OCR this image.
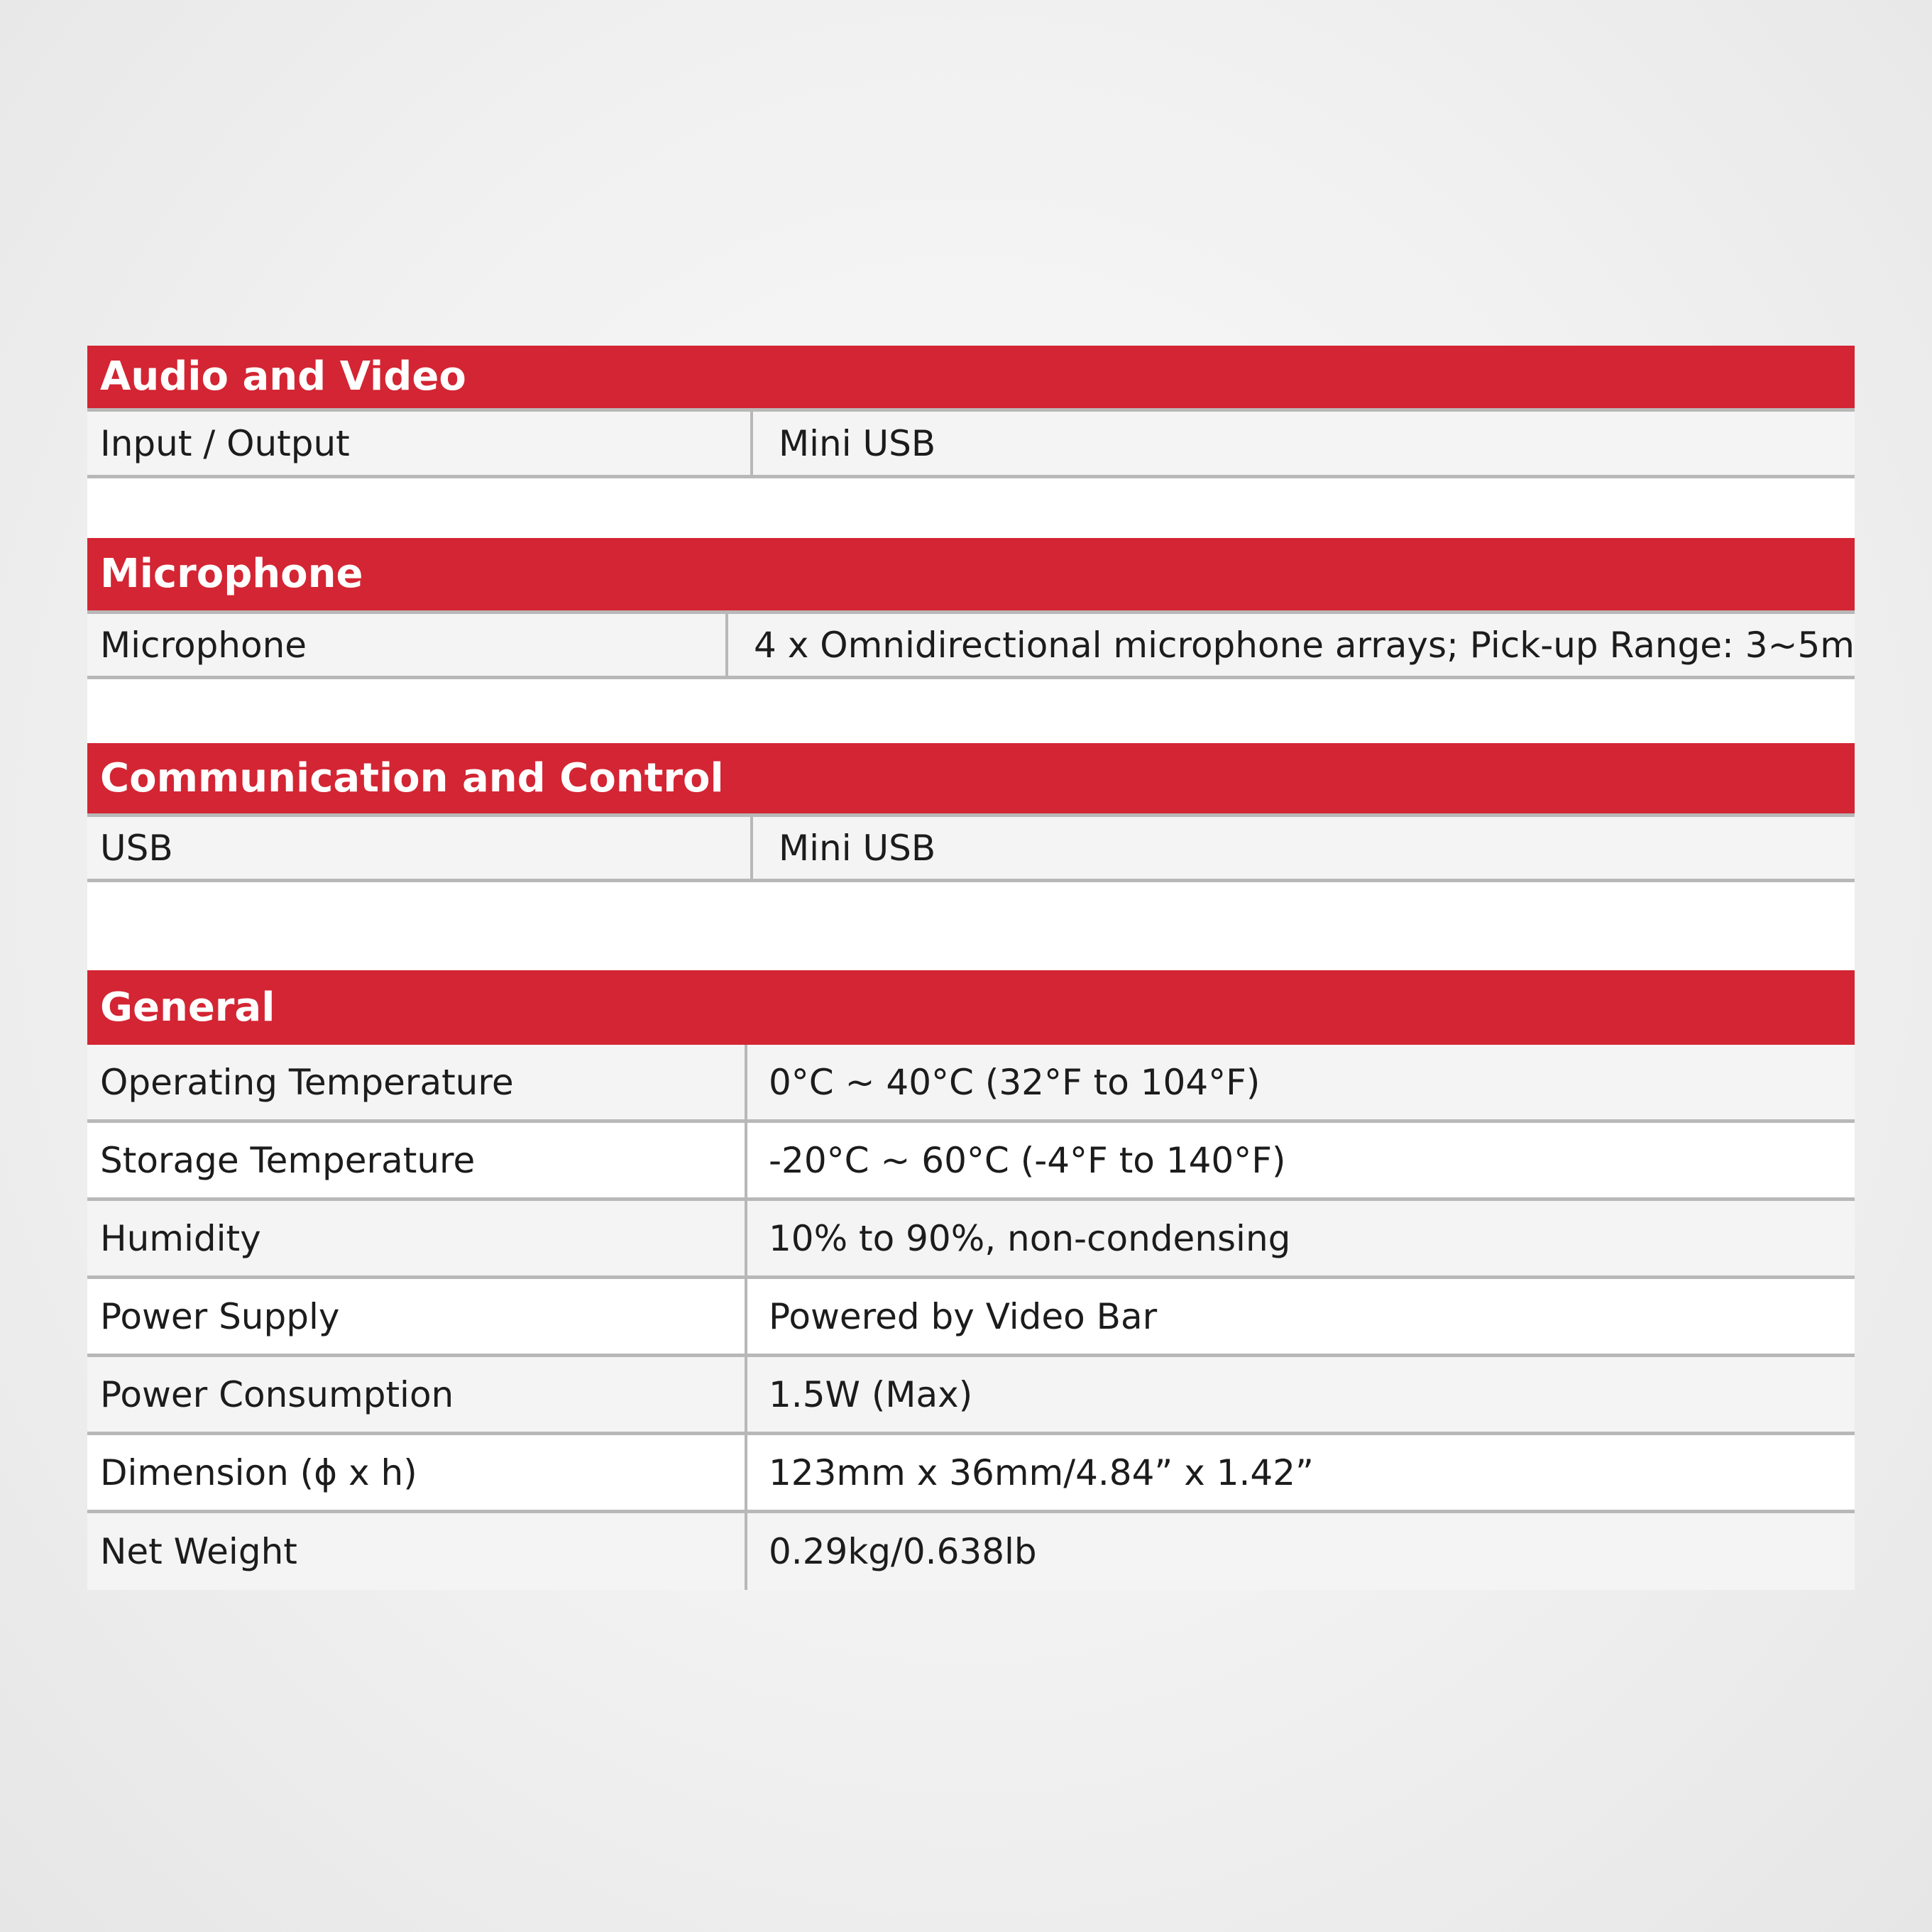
Audio and Video
Input / Output	Mini USB
Microphone
Microphone	4 x Omnidirectional microphone arrays; Pick-up Range: 3~5m
Communication and Control
USB	Mini USB
General
Operating Temperature	0°C ~ 40°C (32°F to 104°F)
Storage Temperature	-20°C ~ 60°C (-4°F to 140°F)
Humidity	10% to 90%, non-condensing
Power Supply	Powered by Video Bar
Power Consumption	1.5W (Max)
Dimension (ϕ x h)	123mm x 36mm/4.84” x 1.42”
Net Weight	0.29kg/0.638lb
